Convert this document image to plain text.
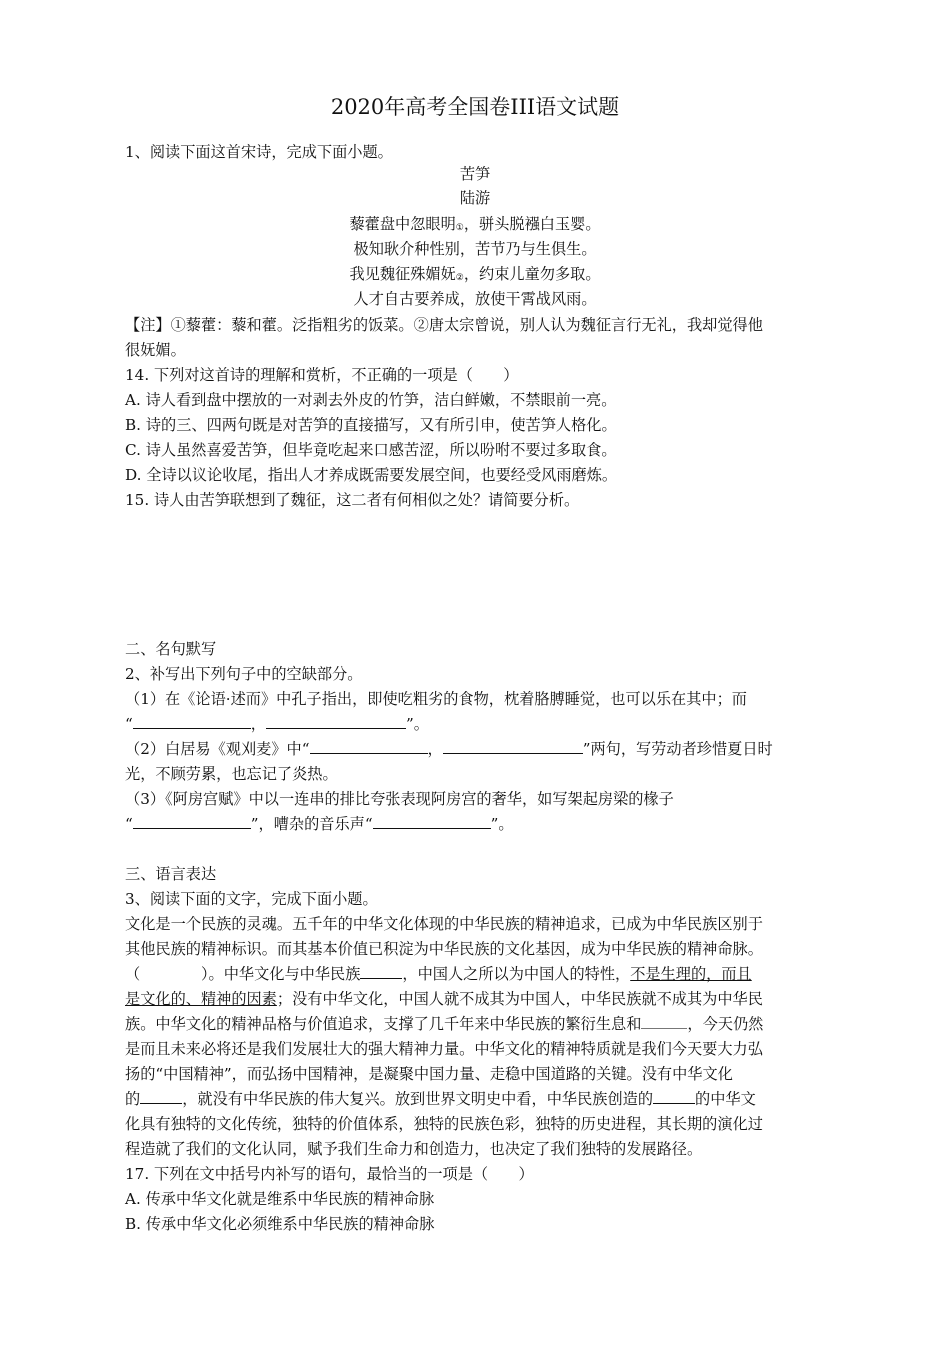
2020年高考全国卷III语文试题
1、阅读下面这首宋诗，完成下面小题。
苦笋
陆游
藜藿盘中忽眼明$_①$，骈头脱襁白玉婴。
极知耿介种性别，苦节乃与生俱生。
我见魏征殊媚妩$_②$，约束儿童勿多取。
人才自古要养成，放使干霄战风雨。
【注】①藜藿：藜和藿。泛指粗劣的饭菜。②唐太宗曾说，别人认为魏征言行无礼，我却觉得他
很妩媚。
14. 下列对这首诗的理解和赏析，不正确的一项是（　　）
A. 诗人看到盘中摆放的一对剥去外皮的竹笋，洁白鲜嫩，不禁眼前一亮。
B. 诗的三、四两句既是对苦笋的直接描写，又有所引申，使苦笋人格化。
C. 诗人虽然喜爱苦笋，但毕竟吃起来口感苦涩，所以吩咐不要过多取食。
D. 全诗以议论收尾，指出人才养成既需要发展空间，也要经受风雨磨炼。
15. 诗人由苦笋联想到了魏征，这二者有何相似之处？请简要分析。
二、名句默写
2、补写出下列句子中的空缺部分。
（1）在《论语·述而》中孔子指出，即使吃粗劣的食物，枕着胳膊睡觉，也可以乐在其中；而
“	，	”。
（2）白居易《观刈麦》中“	，	”两句，写劳动者珍惜夏日时
光，不顾劳累，也忘记了炎热。
（3）《阿房宫赋》中以一连串的排比夸张表现阿房宫的奢华，如写架起房梁的椽子
“	”，嘈杂的音乐声“	”。
三、语言表达
3、阅读下面的文字，完成下面小题。
文化是一个民族的灵魂。五千年的中华文化体现的中华民族的精神追求，已成为中华民族区别于
其他民族的精神标识。而其基本价值已积淀为中华民族的文化基因，成为中华民族的精神命脉。
（　　　　）。中华文化与中华民族	，中国人之所以为中国人的特性，不是生理的，而且
是文化的、精神的因素；没有中华文化，中国人就不成其为中国人，中华民族就不成其为中华民
族。中华文化的精神品格与价值追求，支撑了几千年来中华民族的繁衍生息和	，今天仍然
是而且未来必将还是我们发展壮大的强大精神力量。中华文化的精神特质就是我们今天要大力弘
扬的“中国精神”，而弘扬中国精神，是凝聚中国力量、走稳中国道路的关键。没有中华文化
的	，就没有中华民族的伟大复兴。放到世界文明史中看，中华民族创造的	的中华文
化具有独特的文化传统，独特的价值体系，独特的民族色彩，独特的历史进程，其长期的演化过
程造就了我们的文化认同，赋予我们生命力和创造力，也决定了我们独特的发展路径。
17. 下列在文中括号内补写的语句，最恰当的一项是（　　）
A. 传承中华文化就是维系中华民族的精神命脉
B. 传承中华文化必须维系中华民族的精神命脉
